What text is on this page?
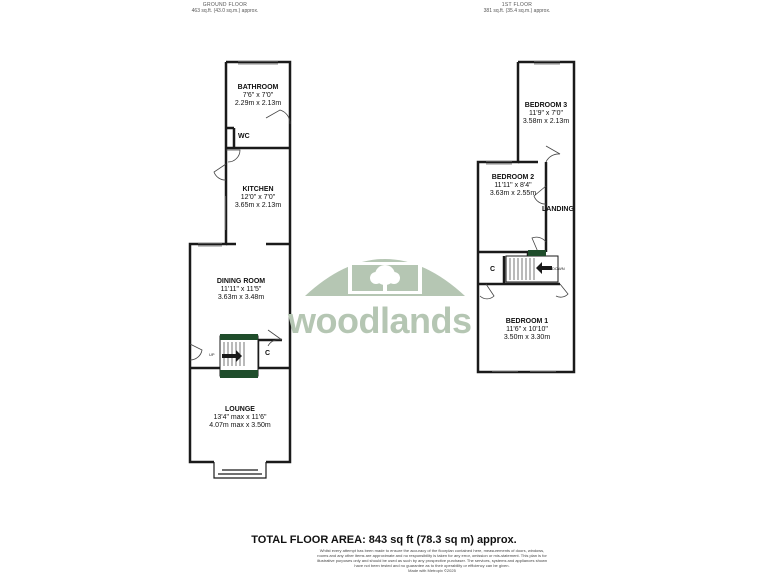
GROUND FLOOR
463 sq.ft. (43.0 sq.m.) approx.
1ST FLOOR
381 sq.ft. (35.4 sq.m.) approx.
woodlands
BATHROOM
7'6" x 7'0"
2.29m x 2.13m
WC
KITCHEN
12'0" x 7'0"
3.65m x 2.13m
DINING ROOM
11'11" x 11'5"
3.63m x 3.48m
C
UP
LOUNGE
13'4" max x 11'6"
4.07m max x 3.50m
BEDROOM 3
11'9" x 7'0"
3.58m x 2.13m
BEDROOM 2
11'11" x 8'4"
3.63m x 2.55m
LANDING
C	DOWN
BEDROOM 1
11'6" x 10'10"
3.50m x 3.30m
TOTAL FLOOR AREA: 843 sq ft (78.3 sq m) approx.
Whilst every attempt has been made to ensure the accuracy of the floorplan contained here, measurements of doors, windows, rooms and any other items are approximate and no responsibility is taken for any error, omission or mis-statement. This plan is for illustrative purposes only and should be used as such by any prospective purchaser. The services, systems and appliances shown have not been tested and no guarantee as to their operability or efficiency can be given.
Made with Metropix ©2025
